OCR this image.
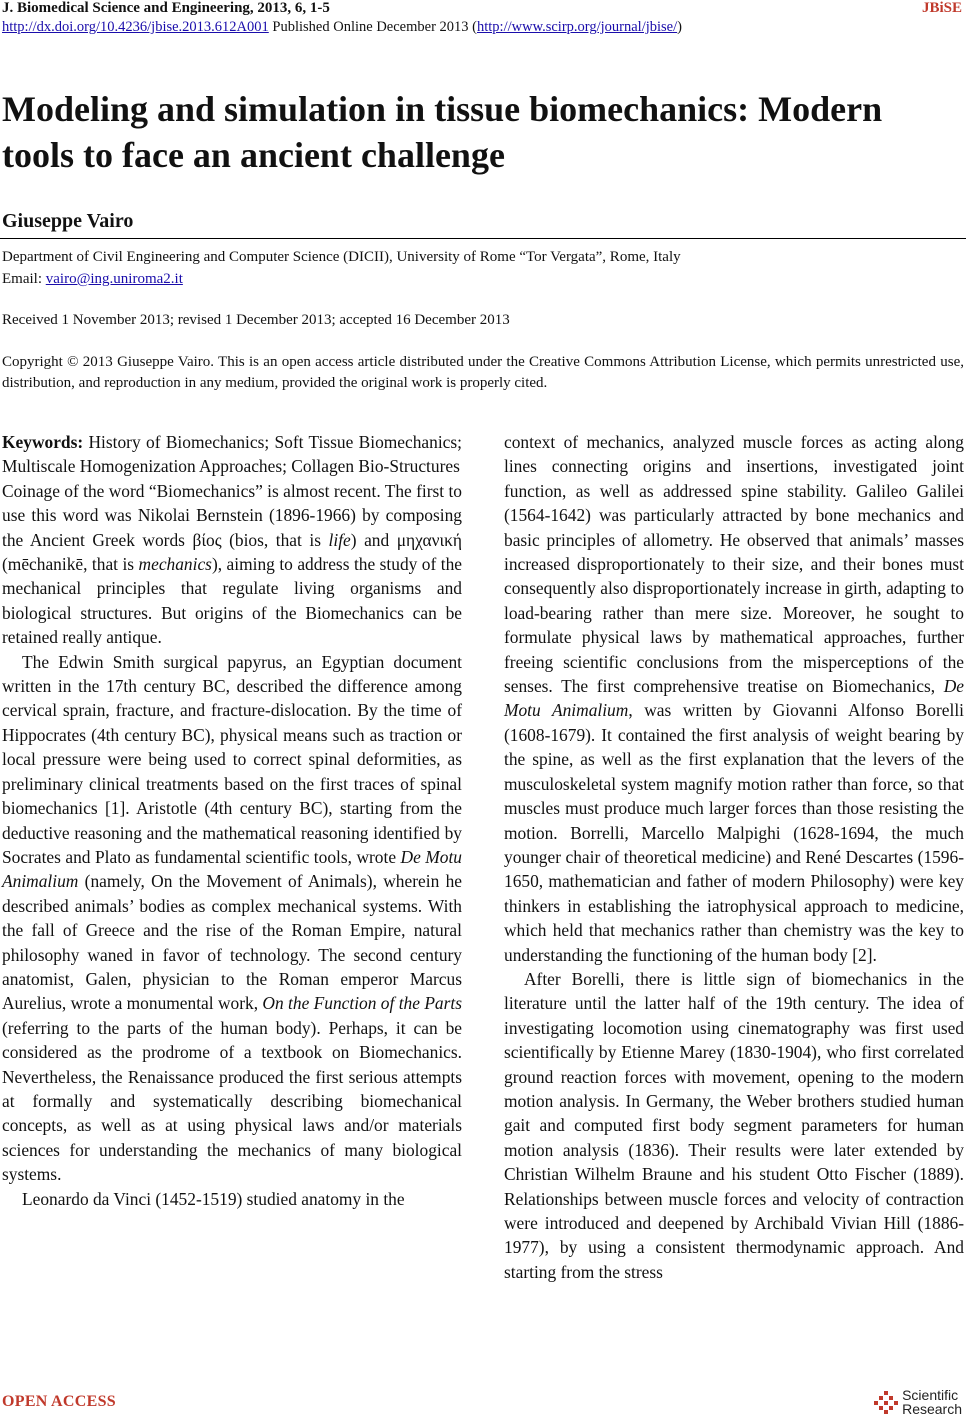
J. Biomedical Science and Engineering, 2013, 6, 1-5	JBiSE
http://dx.doi.org/10.4236/jbise.2013.612A001 Published Online December 2013 (http://www.scirp.org/journal/jbise/)
Modeling and simulation in tissue biomechanics: Modern tools to face an ancient challenge
Giuseppe Vairo
Department of Civil Engineering and Computer Science (DICII), University of Rome “Tor Vergata”, Rome, Italy
Email: vairo@ing.uniroma2.it
Received 1 November 2013; revised 1 December 2013; accepted 16 December 2013
Copyright © 2013 Giuseppe Vairo. This is an open access article distributed under the Creative Commons Attribution License, which permits unrestricted use, distribution, and reproduction in any medium, provided the original work is properly cited.

Keywords: History of Biomechanics; Soft Tissue Biomechanics; Multiscale Homogenization Approaches; Collagen Bio-Structures

Coinage of the word “Biomechanics” is almost recent. The first to use this word was Nikolai Bernstein (1896-1966) by composing the Ancient Greek words βίος (bios, that is life) and μηχανική (mēchanikē, that is mechanics), aiming to address the study of the mechanical principles that regulate living organisms and biological structures. But origins of the Biomechanics can be retained really antique.

The Edwin Smith surgical papyrus, an Egyptian document written in the 17th century BC, described the difference among cervical sprain, fracture, and fracture-dislocation. By the time of Hippocrates (4th century BC), physical means such as traction or local pressure were being used to correct spinal deformities, as preliminary clinical treatments based on the first traces of spinal biomechanics [1]. Aristotle (4th century BC), starting from the deductive reasoning and the mathematical reasoning identified by Socrates and Plato as fundamental scientific tools, wrote De Motu Animalium (namely, On the Movement of Animals), wherein he described animals’ bodies as complex mechanical systems. With the fall of Greece and the rise of the Roman Empire, natural philosophy waned in favor of technology. The second century anatomist, Galen, physician to the Roman emperor Marcus Aurelius, wrote a monumental work, On the Function of the Parts (referring to the parts of the human body). Perhaps, it can be considered as the prodrome of a textbook on Biomechanics. Nevertheless, the Renaissance produced the first serious attempts at formally and systematically describing biomechanical concepts, as well as at using physical laws and/or materials sciences for understanding the mechanics of many biological systems.

Leonardo da Vinci (1452-1519) studied anatomy in the

context of mechanics, analyzed muscle forces as acting along lines connecting origins and insertions, investigated joint function, as well as addressed spine stability. Galileo Galilei (1564-1642) was particularly attracted by bone mechanics and basic principles of allometry. He observed that animals’ masses increased disproportionately to their size, and their bones must consequently also disproportionately increase in girth, adapting to load-bearing rather than mere size. Moreover, he sought to formulate physical laws by mathematical approaches, further freeing scientific conclusions from the misperceptions of the senses. The first comprehensive treatise on Biomechanics, De Motu Animalium, was written by Giovanni Alfonso Borelli (1608-1679). It contained the first analysis of weight bearing by the spine, as well as the first explanation that the levers of the musculoskeletal system magnify motion rather than force, so that muscles must produce much larger forces than those resisting the motion. Borrelli, Marcello Malpighi (1628-1694, the much younger chair of theoretical medicine) and René Descartes (1596-1650, mathematician and father of modern Philosophy) were key thinkers in establishing the iatrophysical approach to medicine, which held that mechanics rather than chemistry was the key to understanding the functioning of the human body [2].

After Borelli, there is little sign of biomechanics in the literature until the latter half of the 19th century. The idea of investigating locomotion using cinematography was first used scientifically by Etienne Marey (1830-1904), who first correlated ground reaction forces with movement, opening to the modern motion analysis. In Germany, the Weber brothers studied human gait and computed first body segment parameters for human motion analysis (1836). Their results were later extended by Christian Wilhelm Braune and his student Otto Fischer (1889). Relationships between muscle forces and velocity of contraction were introduced and deepened by Archibald Vivian Hill (1886-1977), by using a consistent thermodynamic approach. And starting from the stress

OPEN ACCESS	Scientific
Research
